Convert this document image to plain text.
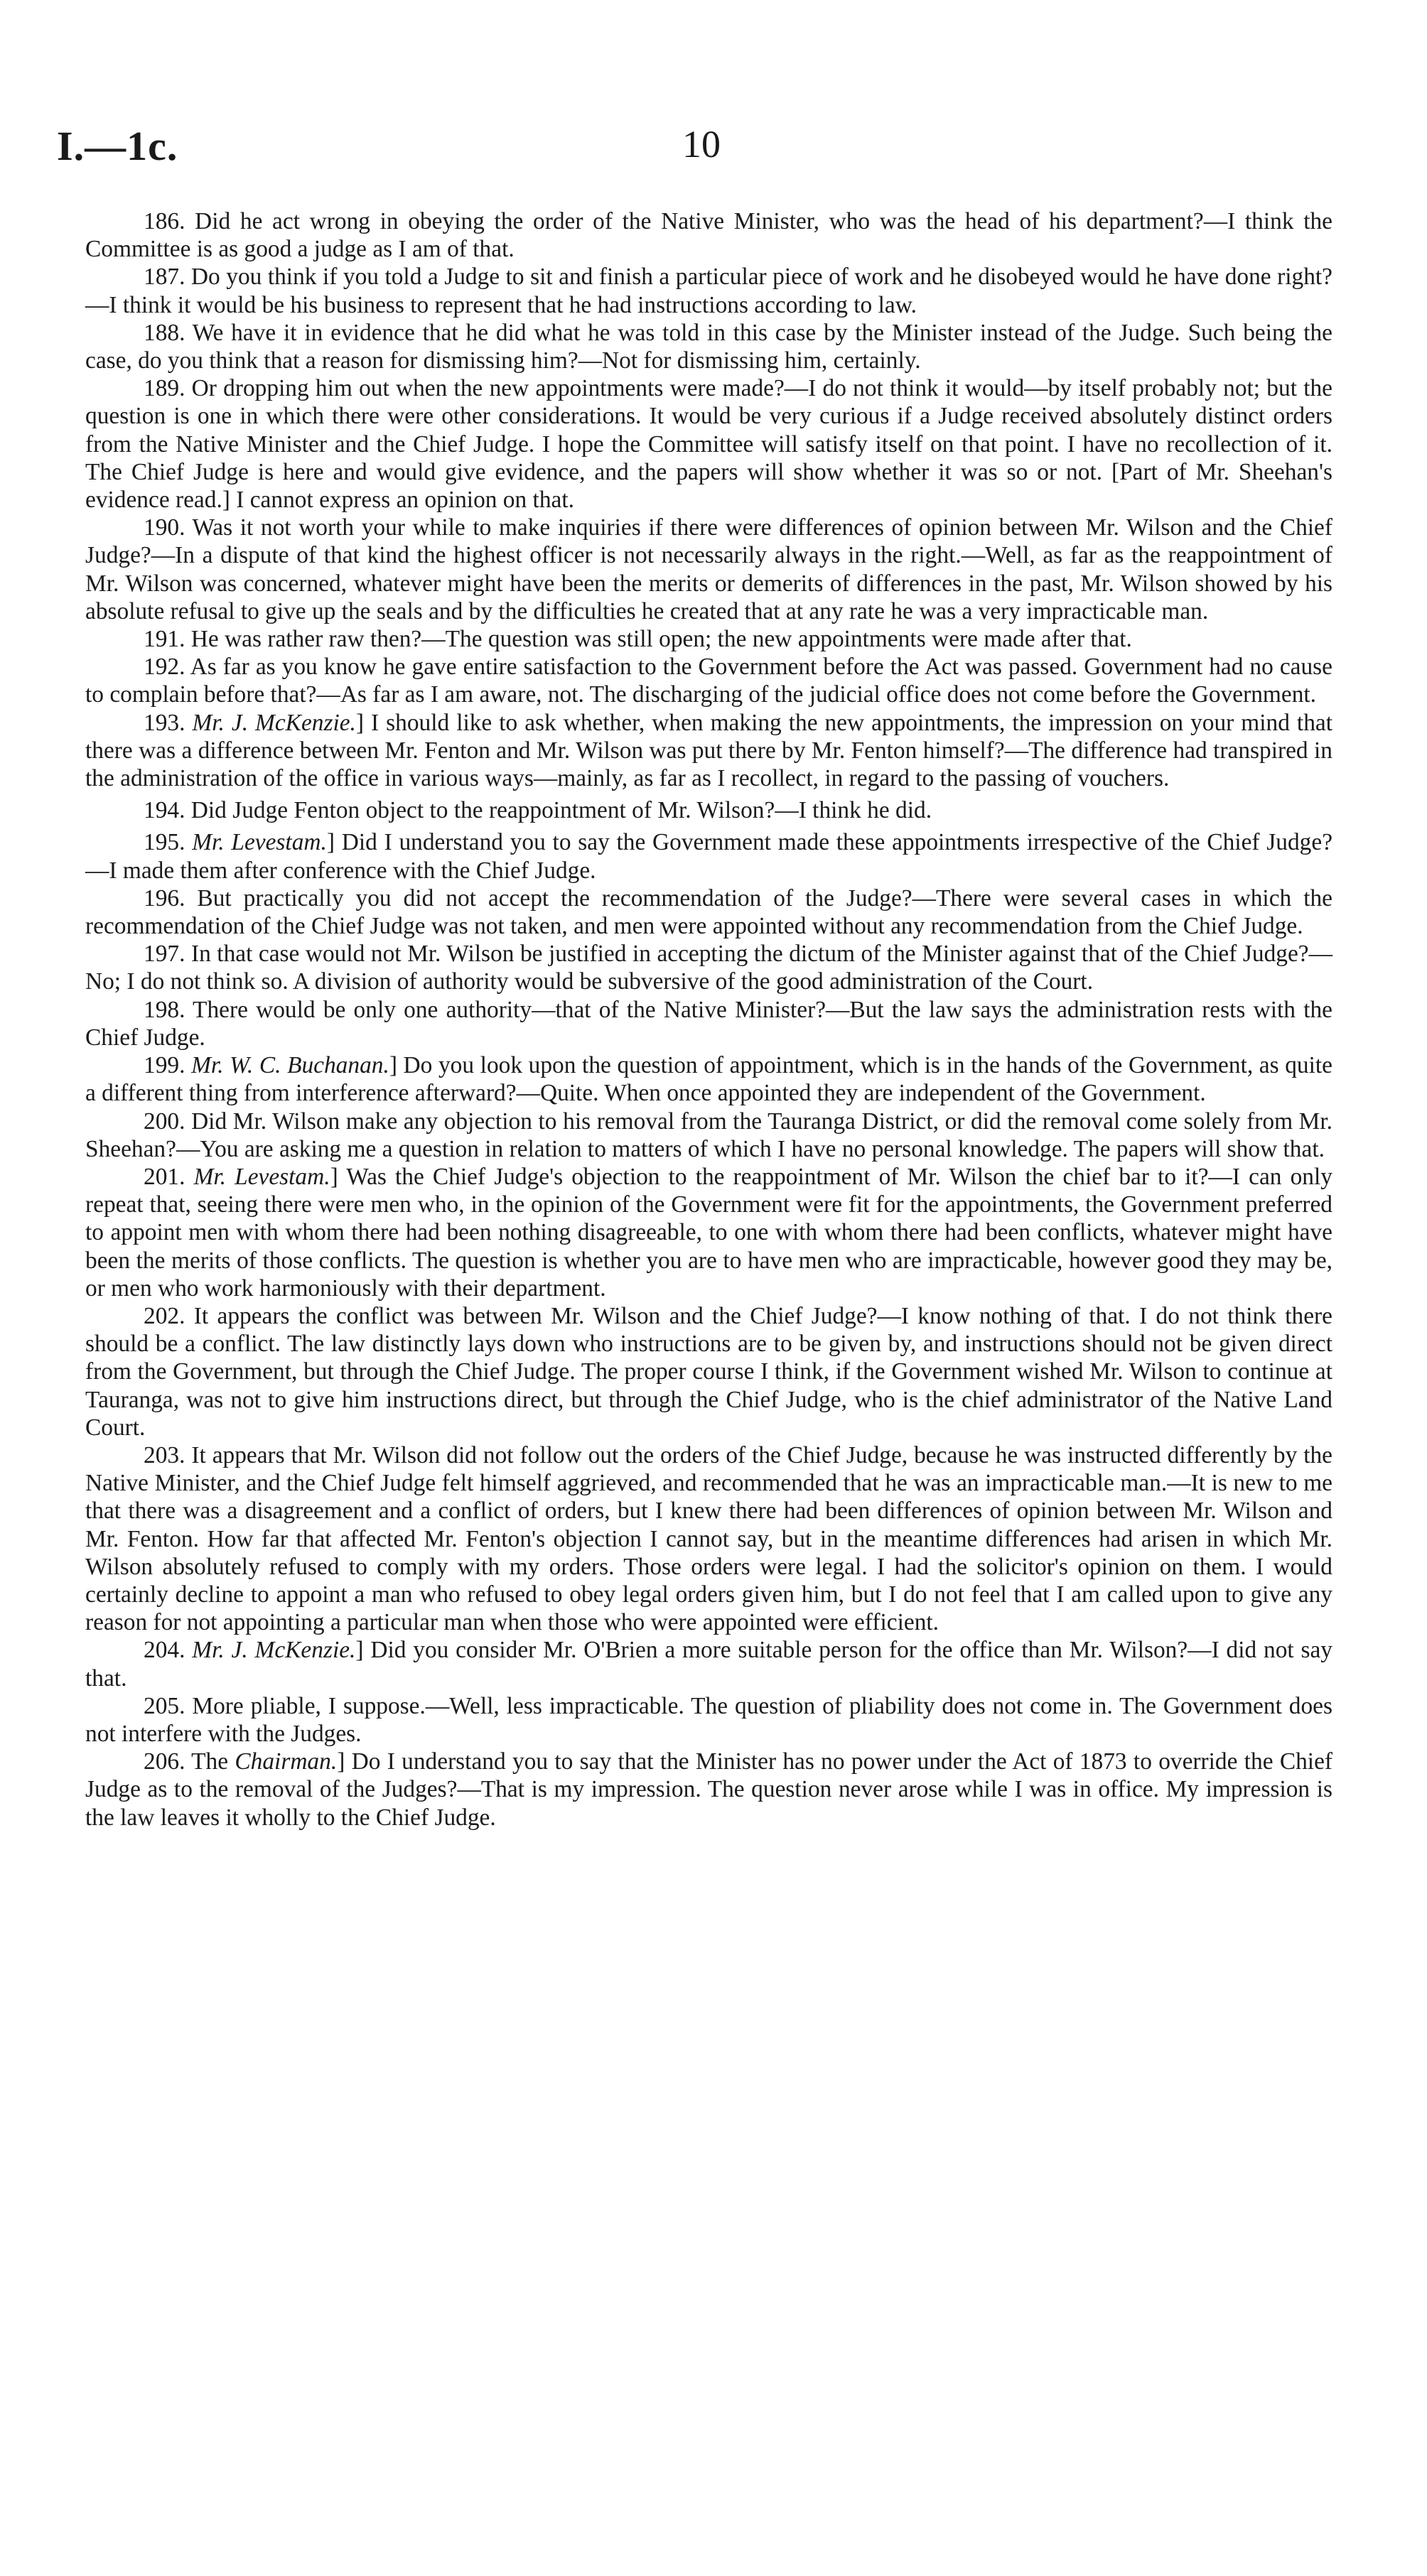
I.—1c.	10

186. Did he act wrong in obeying the order of the Native Minister, who was the head of his department?—I think the Committee is as good a judge as I am of that.

187. Do you think if you told a Judge to sit and finish a particular piece of work and he disobeyed would he have done right?—I think it would be his business to represent that he had instructions according to law.

188. We have it in evidence that he did what he was told in this case by the Minister instead of the Judge. Such being the case, do you think that a reason for dismissing him?—Not for dismissing him, certainly.

189. Or dropping him out when the new appointments were made?—I do not think it would—by itself probably not; but the question is one in which there were other considerations. It would be very curious if a Judge received absolutely distinct orders from the Native Minister and the Chief Judge. I hope the Committee will satisfy itself on that point. I have no recollection of it. The Chief Judge is here and would give evidence, and the papers will show whether it was so or not. [Part of Mr. Sheehan's evidence read.] I cannot express an opinion on that.

190. Was it not worth your while to make inquiries if there were differences of opinion between Mr. Wilson and the Chief Judge?—In a dispute of that kind the highest officer is not necessarily always in the right.—Well, as far as the reappointment of Mr. Wilson was concerned, whatever might have been the merits or demerits of differences in the past, Mr. Wilson showed by his absolute refusal to give up the seals and by the difficulties he created that at any rate he was a very impracticable man.

191. He was rather raw then?—The question was still open; the new appointments were made after that.

192. As far as you know he gave entire satisfaction to the Government before the Act was passed. Government had no cause to complain before that?—As far as I am aware, not. The discharging of the judicial office does not come before the Government.

193. Mr. J. McKenzie.] I should like to ask whether, when making the new appointments, the impression on your mind that there was a difference between Mr. Fenton and Mr. Wilson was put there by Mr. Fenton himself?—The difference had transpired in the administration of the office in various ways—mainly, as far as I recollect, in regard to the passing of vouchers.

194. Did Judge Fenton object to the reappointment of Mr. Wilson?—I think he did.

195. Mr. Levestam.] Did I understand you to say the Government made these appointments irrespective of the Chief Judge?—I made them after conference with the Chief Judge.

196. But practically you did not accept the recommendation of the Judge?—There were several cases in which the recommendation of the Chief Judge was not taken, and men were appointed without any recommendation from the Chief Judge.

197. In that case would not Mr. Wilson be justified in accepting the dictum of the Minister against that of the Chief Judge?—No; I do not think so. A division of authority would be subversive of the good administration of the Court.

198. There would be only one authority—that of the Native Minister?—But the law says the administration rests with the Chief Judge.

199. Mr. W. C. Buchanan.] Do you look upon the question of appointment, which is in the hands of the Government, as quite a different thing from interference afterward?—Quite. When once appointed they are independent of the Government.

200. Did Mr. Wilson make any objection to his removal from the Tauranga District, or did the removal come solely from Mr. Sheehan?—You are asking me a question in relation to matters of which I have no personal knowledge. The papers will show that.

201. Mr. Levestam.] Was the Chief Judge's objection to the reappointment of Mr. Wilson the chief bar to it?—I can only repeat that, seeing there were men who, in the opinion of the Government were fit for the appointments, the Government preferred to appoint men with whom there had been nothing disagreeable, to one with whom there had been conflicts, whatever might have been the merits of those conflicts. The question is whether you are to have men who are impracticable, however good they may be, or men who work harmoniously with their department.

202. It appears the conflict was between Mr. Wilson and the Chief Judge?—I know nothing of that. I do not think there should be a conflict. The law distinctly lays down who instructions are to be given by, and instructions should not be given direct from the Government, but through the Chief Judge. The proper course I think, if the Government wished Mr. Wilson to continue at Tauranga, was not to give him instructions direct, but through the Chief Judge, who is the chief administrator of the Native Land Court.

203. It appears that Mr. Wilson did not follow out the orders of the Chief Judge, because he was instructed differently by the Native Minister, and the Chief Judge felt himself aggrieved, and recommended that he was an impracticable man.—It is new to me that there was a disagreement and a conflict of orders, but I knew there had been differences of opinion between Mr. Wilson and Mr. Fenton. How far that affected Mr. Fenton's objection I cannot say, but in the meantime differences had arisen in which Mr. Wilson absolutely refused to comply with my orders. Those orders were legal. I had the solicitor's opinion on them. I would certainly decline to appoint a man who refused to obey legal orders given him, but I do not feel that I am called upon to give any reason for not appointing a particular man when those who were appointed were efficient.

204. Mr. J. McKenzie.] Did you consider Mr. O'Brien a more suitable person for the office than Mr. Wilson?—I did not say that.

205. More pliable, I suppose.—Well, less impracticable. The question of pliability does not come in. The Government does not interfere with the Judges.

206. The Chairman.] Do I understand you to say that the Minister has no power under the Act of 1873 to override the Chief Judge as to the removal of the Judges?—That is my impression. The question never arose while I was in office. My impression is the law leaves it wholly to the Chief Judge.
